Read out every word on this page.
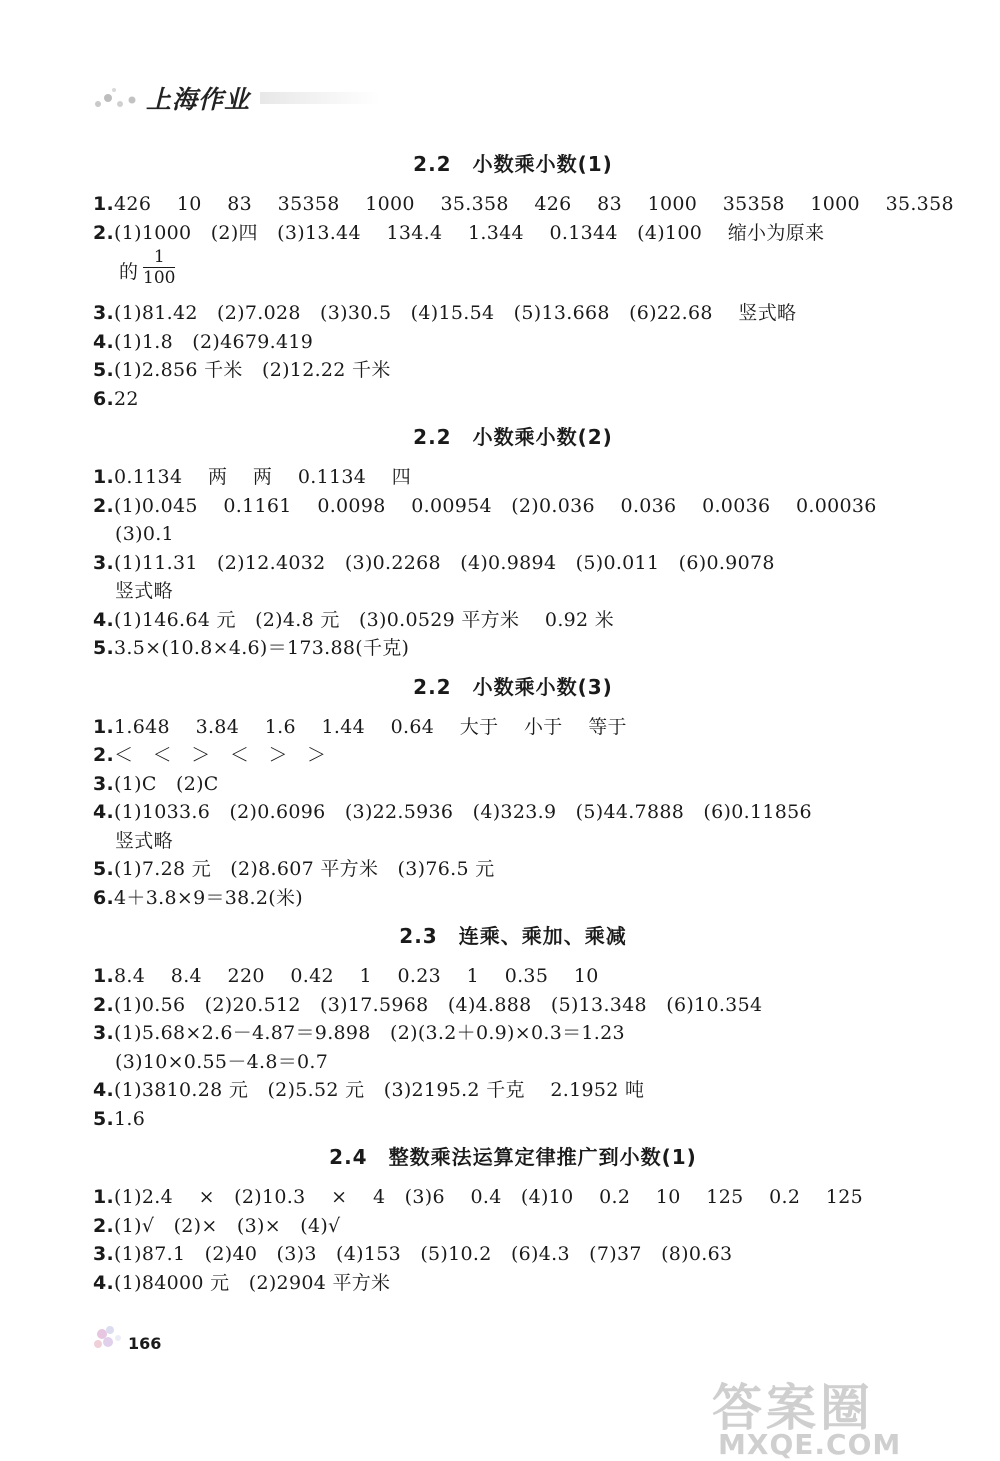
上海作业
2.2　小数乘小数(1)
1.426　 10　 83　 35358　 1000　 35.358　 426　 83　 1000　 35358　 1000　 35.358
2.(1)1000　(2)四　(3)13.44　 134.4　 1.344　 0.1344　(4)100　 缩小为原来
的 $\frac{1}{100}$
3.(1)81.42　(2)7.028　(3)30.5　(4)15.54　(5)13.668　(6)22.68　 竖式略
4.(1)1.8　(2)4679.419
5.(1)2.856 千米　(2)12.22 千米
6.22
2.2　小数乘小数(2)
1.0.1134　 两　 两　 0.1134　 四
2.(1)0.045　 0.1161　 0.0098　 0.00954　(2)0.036　 0.036　 0.0036　 0.00036
(3)0.1
3.(1)11.31　(2)12.4032　(3)0.2268　(4)0.9894　(5)0.011　(6)0.9078
竖式略
4.(1)146.64 元　(2)4.8 元　(3)0.0529 平方米　 0.92 米
5.3.5×(10.8×4.6)＝173.88(千克)
2.2　小数乘小数(3)
1.1.648　 3.84　 1.6　 1.44　 0.64　 大于　 小于　 等于
2.＜　＜　＞　＜　＞　＞
3.(1)C　(2)C
4.(1)1033.6　(2)0.6096　(3)22.5936　(4)323.9　(5)44.7888　(6)0.11856
竖式略
5.(1)7.28 元　(2)8.607 平方米　(3)76.5 元
6.4＋3.8×9＝38.2(米)
2.3　连乘、乘加、乘减
1.8.4　 8.4　 220　 0.42　 1　 0.23　 1　 0.35　 10
2.(1)0.56　(2)20.512　(3)17.5968　(4)4.888　(5)13.348　(6)10.354
3.(1)5.68×2.6－4.87＝9.898　(2)(3.2＋0.9)×0.3＝1.23
(3)10×0.55－4.8＝0.7
4.(1)3810.28 元　(2)5.52 元　(3)2195.2 千克　 2.1952 吨
5.1.6
2.4　整数乘法运算定律推广到小数(1)
1.(1)2.4　 ×　(2)10.3　 ×　 4　(3)6　 0.4　(4)10　 0.2　 10　 125　 0.2　 125
2.(1)√　(2)×　(3)×　(4)√
3.(1)87.1　(2)40　(3)3　(4)153　(5)10.2　(6)4.3　(7)37　(8)0.63
4.(1)84000 元　(2)2904 平方米
166
答案圈
MXQE.COM
